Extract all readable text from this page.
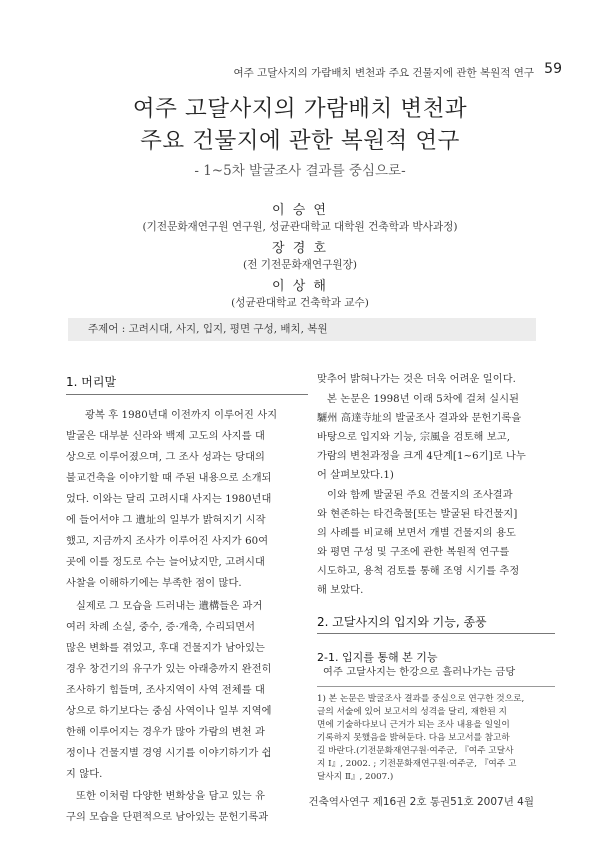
여주 고달사지의 가람배치 변천과 주요 건물지에 관한 복원적 연구 59
여주 고달사지의 가람배치 변천과
주요 건물지에 관한 복원적 연구
- 1~5차 발굴조사 결과를 중심으로-
이 승 연
(기전문화재연구원 연구원, 성균관대학교 대학원 건축학과 박사과정)
장 경 호
(전 기전문화재연구원장)
이 상 해
(성균관대학교 건축학과 교수)
주제어 : 고려시대, 사지, 입지, 평면 구성, 배치, 복원
1. 머리말
광복 후 1980년대 이전까지 이루어진 사지
발굴은 대부분 신라와 백제 고도의 사지를 대
상으로 이루어졌으며, 그 조사 성과는 당대의
불교건축을 이야기할 때 주된 내용으로 소개되
었다. 이와는 달리 고려시대 사지는 1980년대
에 들어서야 그 遺址의 일부가 밝혀지기 시작
했고, 지금까지 조사가 이루어진 사지가 60여
곳에 이를 정도로 수는 늘어났지만, 고려시대
사찰을 이해하기에는 부족한 점이 많다.
실제로 그 모습을 드러내는 遺構들은 과거
여러 차례 소실, 중수, 증·개축, 수리되면서
많은 변화를 겪었고, 후대 건물지가 남아있는
경우 창건기의 유구가 있는 아래층까지 완전히
조사하기 힘들며, 조사지역이 사역 전체를 대
상으로 하기보다는 중심 사역이나 일부 지역에
한해 이루어지는 경우가 많아 가람의 변천 과
정이나 건물지별 경영 시기를 이야기하기가 쉽
지 않다.
또한 이처럼 다양한 변화상을 담고 있는 유
구의 모습을 단편적으로 남아있는 문헌기록과
맞추어 밝혀나가는 것은 더욱 어려운 일이다.
본 논문은 1998년 이래 5차에 걸쳐 실시된
驪州 高達寺址의 발굴조사 결과와 문헌기록을
바탕으로 입지와 기능, 宗風을 검토해 보고,
가람의 변천과정을 크게 4단계[1~6기]로 나누
어 살펴보았다.1)
이와 함께 발굴된 주요 건물지의 조사결과
와 현존하는 타건축물[또는 발굴된 타건물지]
의 사례를 비교해 보면서 개별 건물지의 용도
와 평면 구성 및 구조에 관한 복원적 연구를
시도하고, 용척 검토를 통해 조영 시기를 추정
해 보았다.
2. 고달사지의 입지와 기능, 종풍
2-1. 입지를 통해 본 기능
여주 고달사지는 한강으로 흘러나가는 금당
1) 본 논문은 발굴조사 결과를 중심으로 연구한 것으로,
글의 서술에 있어 보고서의 성격을 달리, 재한된 지
면에 기술하다보니 근거가 되는 조사 내용을 일일이
기록하지 못했음을 밝혀둔다. 다음 보고서를 참고하
길 바란다.(기전문화재연구원·여주군, 『여주 고달사
지 Ⅰ』, 2002. ; 기전문화재연구원·여주군, 『여주 고
달사지 Ⅱ』, 2007.)
건축역사연구 제16권 2호 통권51호 2007년 4월
